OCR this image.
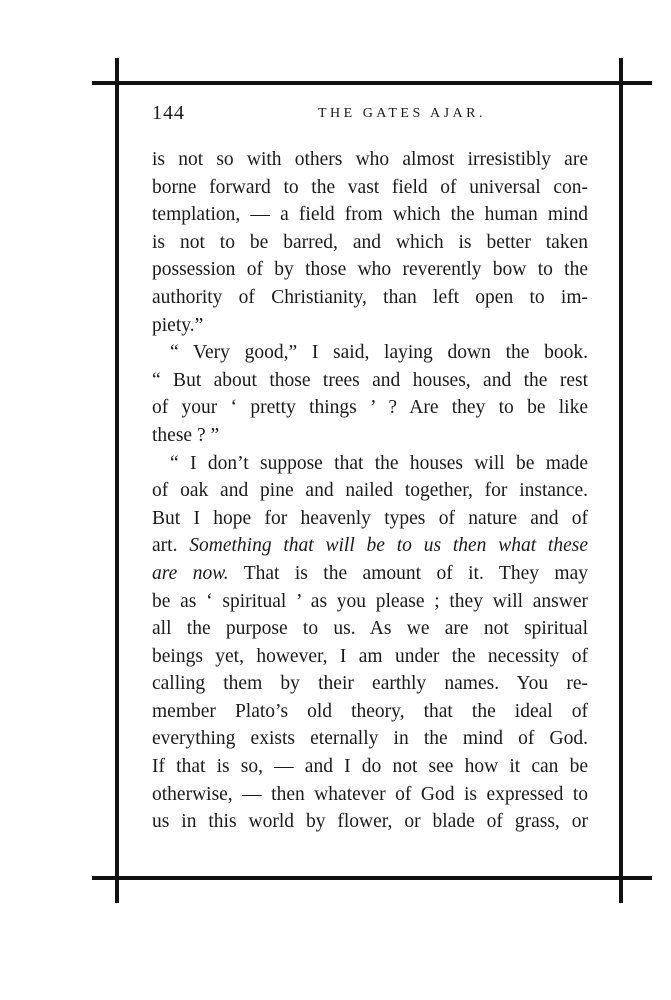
144	THE GATES AJAR.
is not so with others who almost irresistibly are
borne forward to the vast field of universal con-
templation, — a field from which the human mind
is not to be barred, and which is better taken
possession of by those who reverently bow to the
authority of Christianity, than left open to im-
piety.”
“ Very good,” I said, laying down the book.
“ But about those trees and houses, and the rest
of your ‘ pretty things ’ ? Are they to be like
these ? ”
“ I don’t suppose that the houses will be made
of oak and pine and nailed together, for instance.
But I hope for heavenly types of nature and of
art. Something that will be to us then what these
are now. That is the amount of it. They may
be as ‘ spiritual ’ as you please ; they will answer
all the purpose to us. As we are not spiritual
beings yet, however, I am under the necessity of
calling them by their earthly names. You re-
member Plato’s old theory, that the ideal of
everything exists eternally in the mind of God.
If that is so, — and I do not see how it can be
otherwise, — then whatever of God is expressed to
us in this world by flower, or blade of grass, or
